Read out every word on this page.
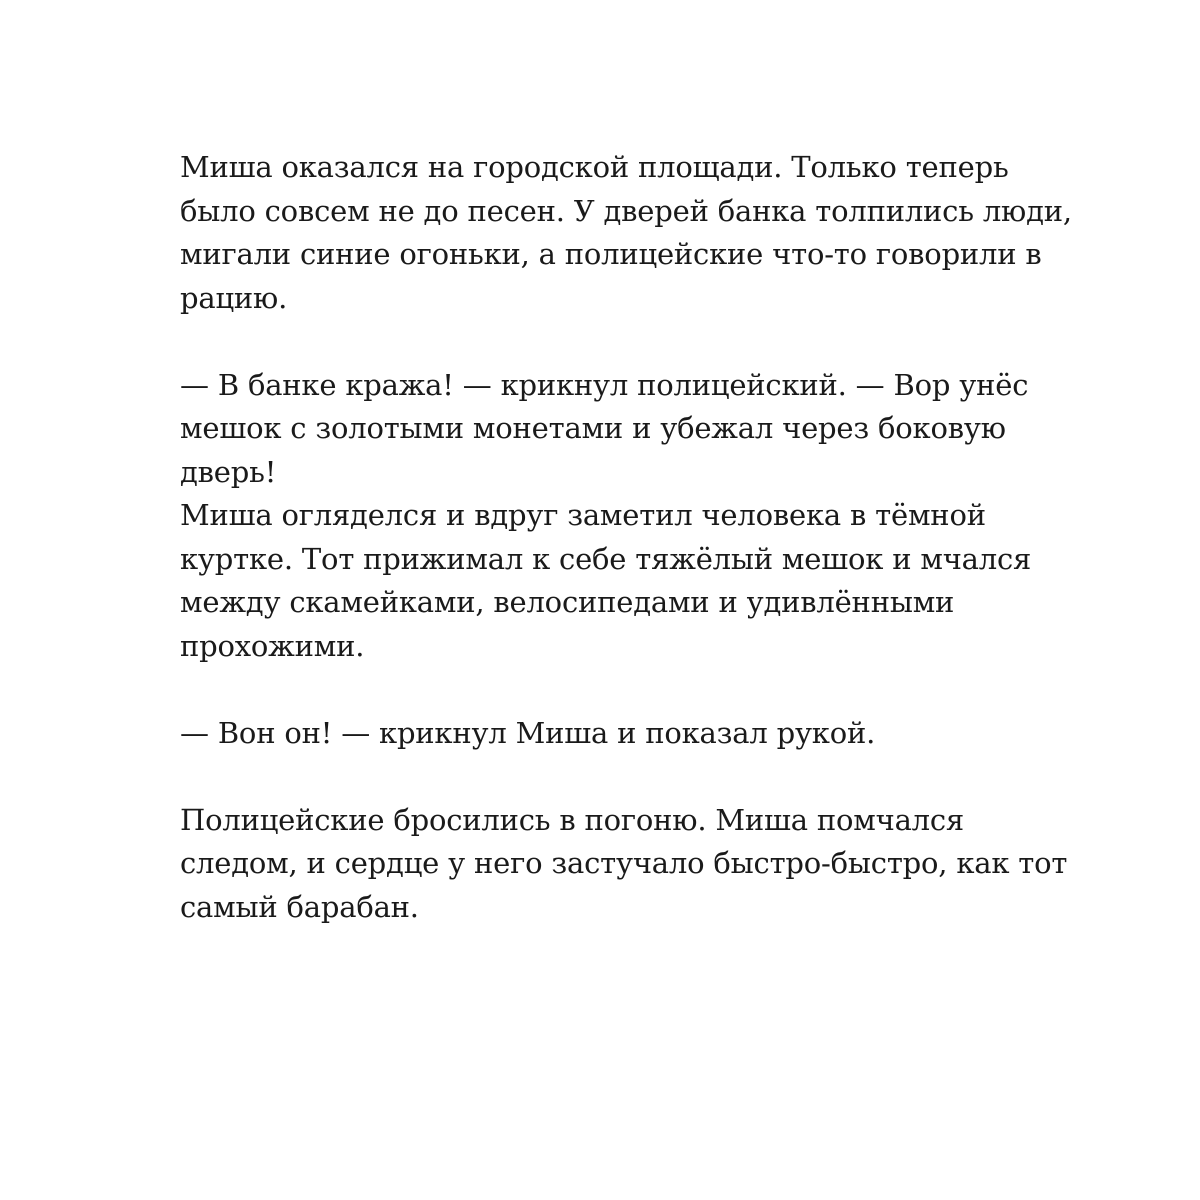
Миша оказался на городской площади. Только теперь
было совсем не до песен. У дверей банка толпились люди,
мигали синие огоньки, а полицейские что-то говорили в
рацию.

— В банке кража! — крикнул полицейский. — Вор унёс
мешок с золотыми монетами и убежал через боковую
дверь!
Миша огляделся и вдруг заметил человека в тёмной
куртке. Тот прижимал к себе тяжёлый мешок и мчался
между скамейками, велосипедами и удивлёнными
прохожими.

— Вон он! — крикнул Миша и показал рукой.

Полицейские бросились в погоню. Миша помчался
следом, и сердце у него застучало быстро-быстро, как тот
самый барабан.
